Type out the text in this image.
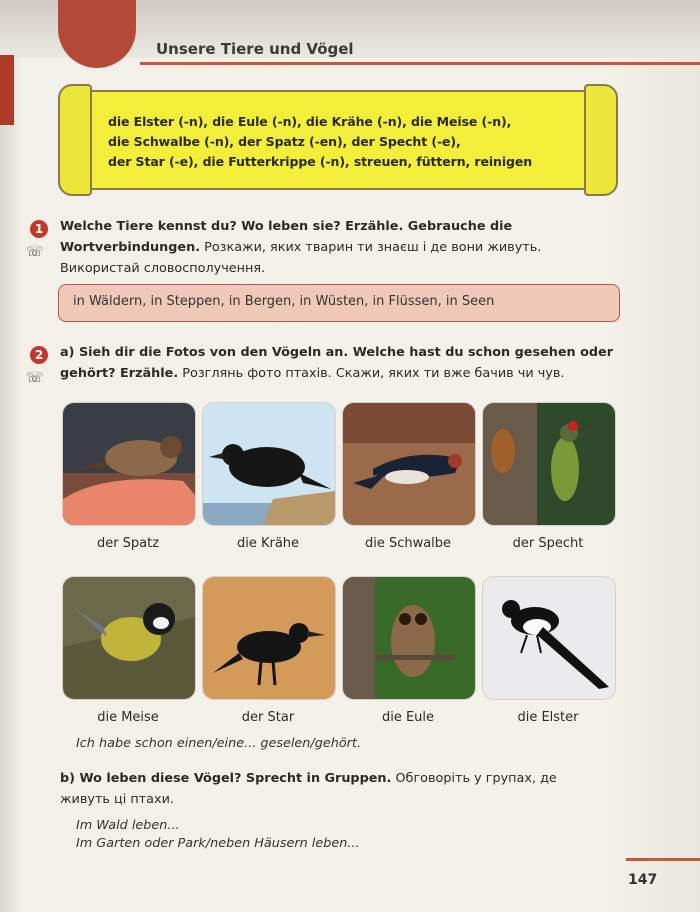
Unsere Tiere und Vögel
die Elster (-n), die Eule (-n), die Krähe (-n), die Meise (-n),
die Schwalbe (-n), der Spatz (-en), der Specht (-e),
der Star (-e), die Futterkrippe (-n), streuen, füttern, reinigen
1
☏
Welche Tiere kennst du? Wo leben sie? Erzähle. Gebrauche die
Wortverbindungen. Розкажи, яких тварин ти знаєш і де вони живуть.
Використай словосполучення.
in Wäldern, in Steppen, in Bergen, in Wüsten, in Flüssen, in Seen
2
☏
a) Sieh dir die Fotos von den Vögeln an. Welche hast du schon gesehen oder
gehört? Erzähle. Розглянь фото птахів. Скажи, яких ти вже бачив чи чув.
der Spatz	die Krähe	die Schwalbe	der Specht
die Meise	der Star	die Eule	die Elster
Ich habe schon einen/eine... geselen/gehört.
b) Wo leben diese Vögel? Sprecht in Gruppen. Обговоріть у групах, де
живуть ці птахи.
Im Wald leben...
Im Garten oder Park/neben Häusern leben...
147
